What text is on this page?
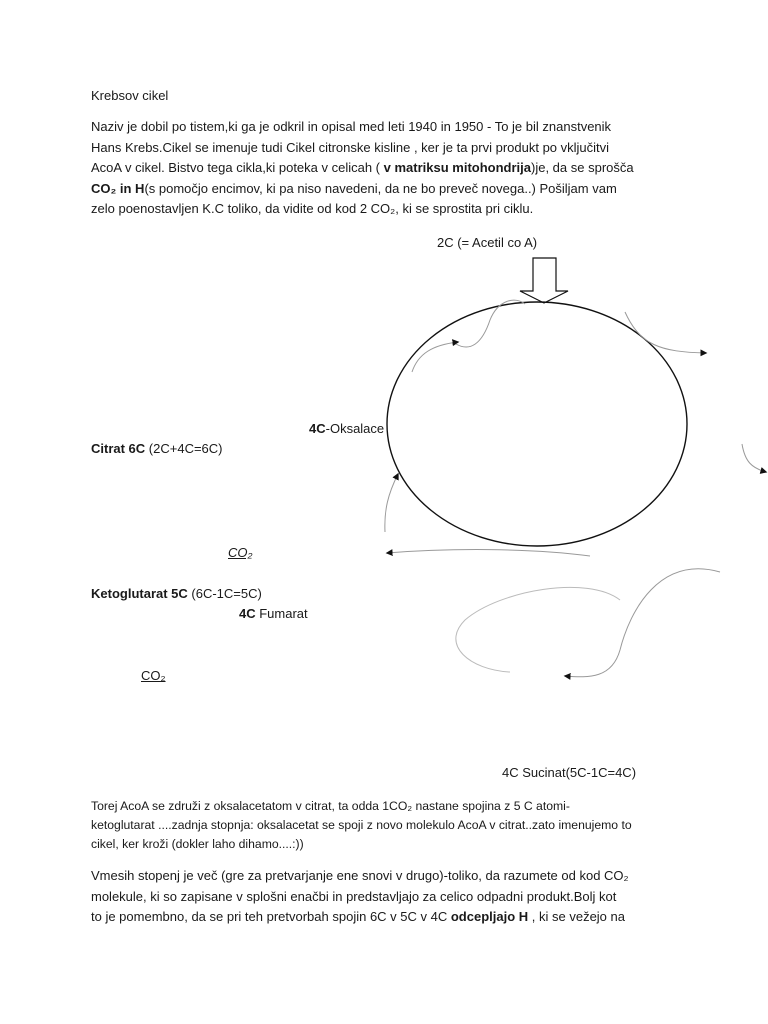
Krebsov cikel
Naziv je dobil po tistem,ki ga je odkril in opisal med leti 1940 in 1950 - To je bil znanstvenik
Hans Krebs.Cikel se imenuje tudi Cikel citronske kisline , ker je ta prvi produkt po vključitvi
AcoA v cikel. Bistvo tega cikla,ki poteka v celicah ( v matriksu mitohondrija)je, da se sprošča
CO₂ in H(s pomočjo encimov, ki pa niso navedeni, da ne bo preveč novega..) Pošiljam vam
zelo poenostavljen K.C toliko, da vidite od kod 2 CO₂, ki se sprostita pri ciklu.
2C (= Acetil co A)
4C-Oksalace
Citrat 6C (2C+4C=6C)
CO₂
Ketoglutarat 5C (6C-1C=5C)
4C Fumarat
CO₂
4C Sucinat(5C-1C=4C)
Torej AcoA se združi z oksalacetatom v citrat, ta odda 1CO₂ nastane spojina z 5 C atomi-
ketoglutarat ....zadnja stopnja: oksalacetat se spoji z novo molekulo AcoA v citrat..zato imenujemo to
cikel, ker kroži (dokler laho dihamo....:))
Vmesih stopenj je več (gre za pretvarjanje ene snovi v drugo)-toliko, da razumete od kod CO₂
molekule, ki so zapisane v splošni enačbi in predstavljajo za celico odpadni produkt.Bolj kot
to je pomembno, da se pri teh pretvorbah spojin 6C v 5C v 4C odcepljajo H , ki se vežejo na
